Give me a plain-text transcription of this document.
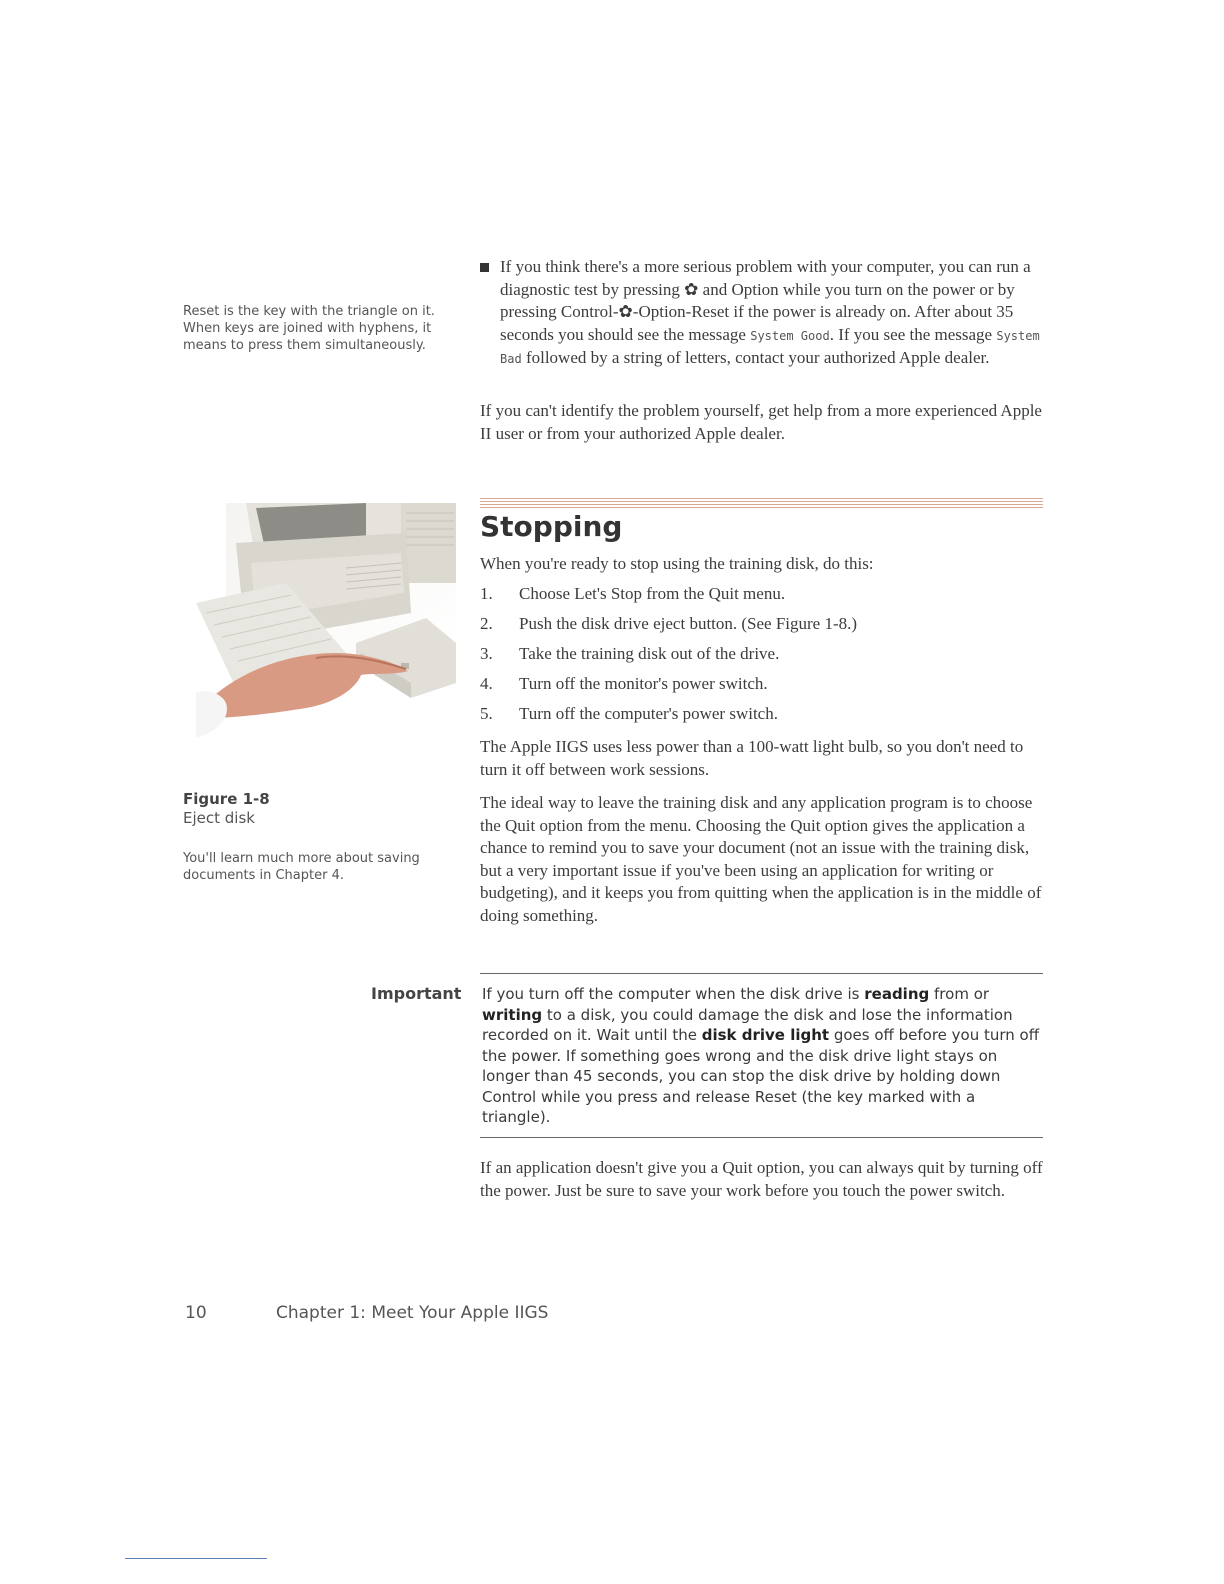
Reset is the key with the triangle on it. When keys are joined with hyphens, it means to press them simultaneously.
If you think there's a more serious problem with your computer, you can run a diagnostic test by pressing ✿ and Option while you turn on the power or by pressing Control-✿-Option-Reset if the power is already on. After about 35 seconds you should see the message System Good. If you see the message System Bad followed by a string of letters, contact your authorized Apple dealer.
If you can't identify the problem yourself, get help from a more experienced Apple II user or from your authorized Apple dealer.
Stopping
When you're ready to stop using the training disk, do this:
1. Choose Let's Stop from the Quit menu.
2. Push the disk drive eject button. (See Figure 1-8.)
3. Take the training disk out of the drive.
4. Turn off the monitor's power switch.
5. Turn off the computer's power switch.
The Apple IIGS uses less power than a 100-watt light bulb, so you don't need to turn it off between work sessions.
The ideal way to leave the training disk and any application program is to choose the Quit option from the menu. Choosing the Quit option gives the application a chance to remind you to save your document (not an issue with the training disk, but a very important issue if you've been using an application for writing or budgeting), and it keeps you from quitting when the application is in the middle of doing something.
Figure 1-8
Eject disk
You'll learn much more about saving documents in Chapter 4.
Important If you turn off the computer when the disk drive is reading from or writing to a disk, you could damage the disk and lose the information recorded on it. Wait until the disk drive light goes off before you turn off the power. If something goes wrong and the disk drive light stays on longer than 45 seconds, you can stop the disk drive by holding down Control while you press and release Reset (the key marked with a triangle).
If an application doesn't give you a Quit option, you can always quit by turning off the power. Just be sure to save your work before you touch the power switch.
10	Chapter 1: Meet Your Apple IIGS
